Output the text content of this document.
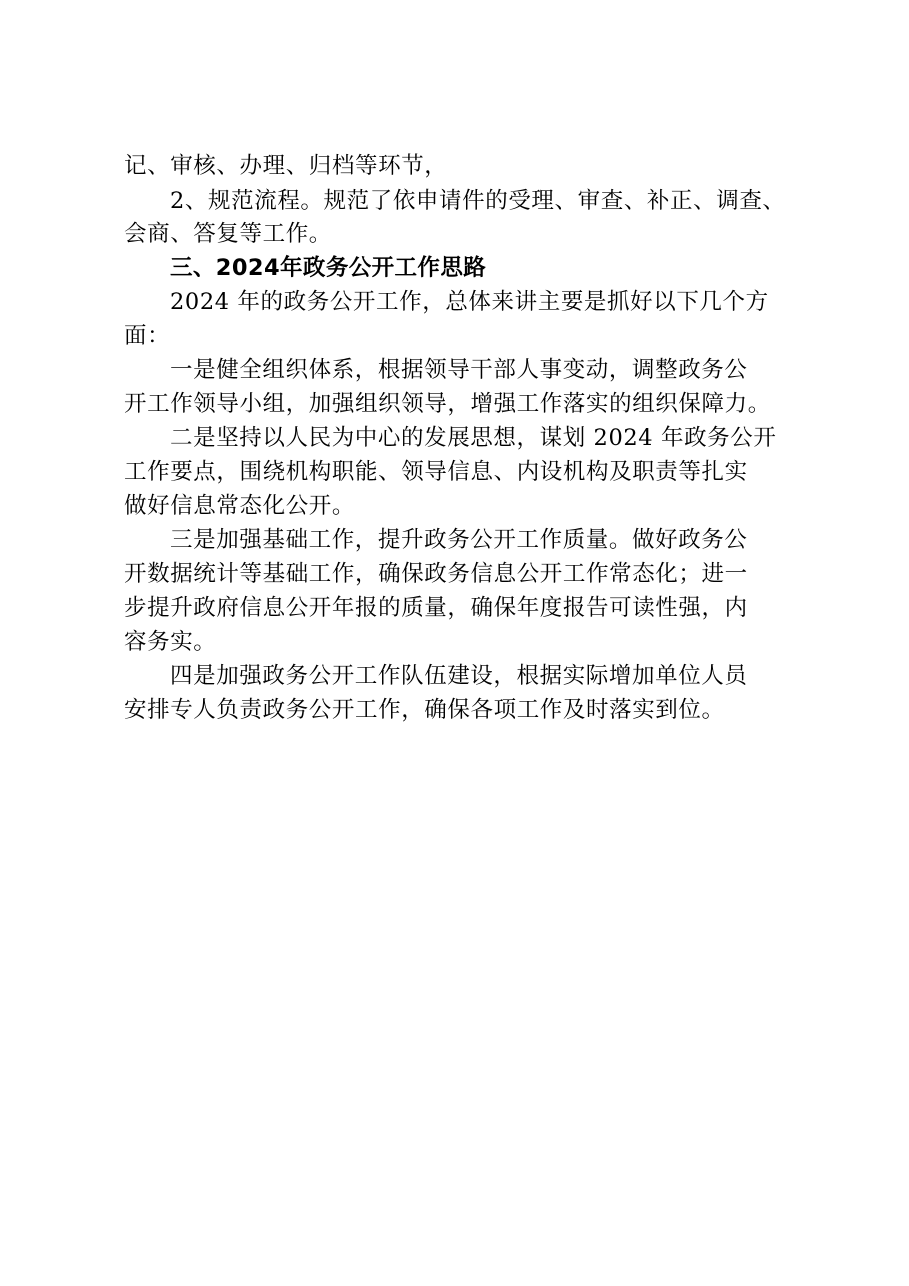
记、审核、办理、归档等环节，
2、规范流程。规范了依申请件的受理、审查、补正、调查、
会商、答复等工作。
三、2024年政务公开工作思路
2024 年的政务公开工作，总体来讲主要是抓好以下几个方
面：
一是健全组织体系，根据领导干部人事变动，调整政务公
开工作领导小组，加强组织领导，增强工作落实的组织保障力。
二是坚持以人民为中心的发展思想，谋划 2024 年政务公开
工作要点，围绕机构职能、领导信息、内设机构及职责等扎实
做好信息常态化公开。
三是加强基础工作，提升政务公开工作质量。做好政务公
开数据统计等基础工作，确保政务信息公开工作常态化；进一
步提升政府信息公开年报的质量，确保年度报告可读性强，内
容务实。
四是加强政务公开工作队伍建设，根据实际增加单位人员
安排专人负责政务公开工作，确保各项工作及时落实到位。
